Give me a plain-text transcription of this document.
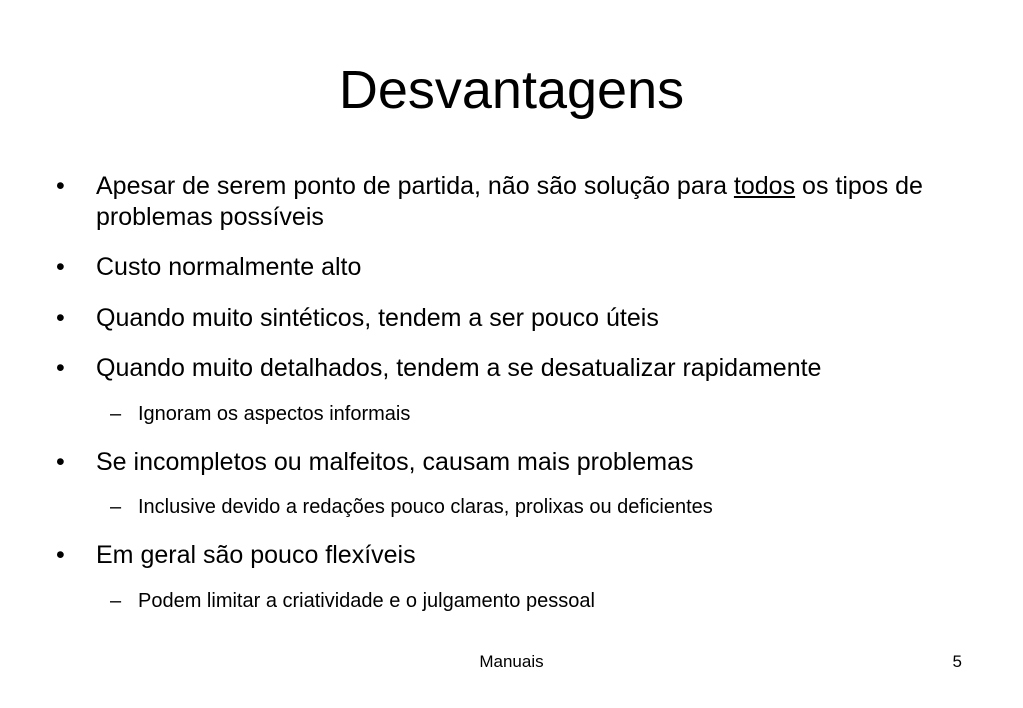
Desvantagens
• Apesar de serem ponto de partida, não são solução para todos os tipos de problemas possíveis
• Custo normalmente alto
• Quando muito sintéticos, tendem a ser pouco úteis
• Quando muito detalhados, tendem a se desatualizar rapidamente
– Ignoram os aspectos informais
• Se incompletos ou malfeitos, causam mais problemas
– Inclusive devido a redações pouco claras, prolixas ou deficientes
• Em geral são pouco flexíveis
– Podem limitar a criatividade e o julgamento pessoal
Manuais	5
